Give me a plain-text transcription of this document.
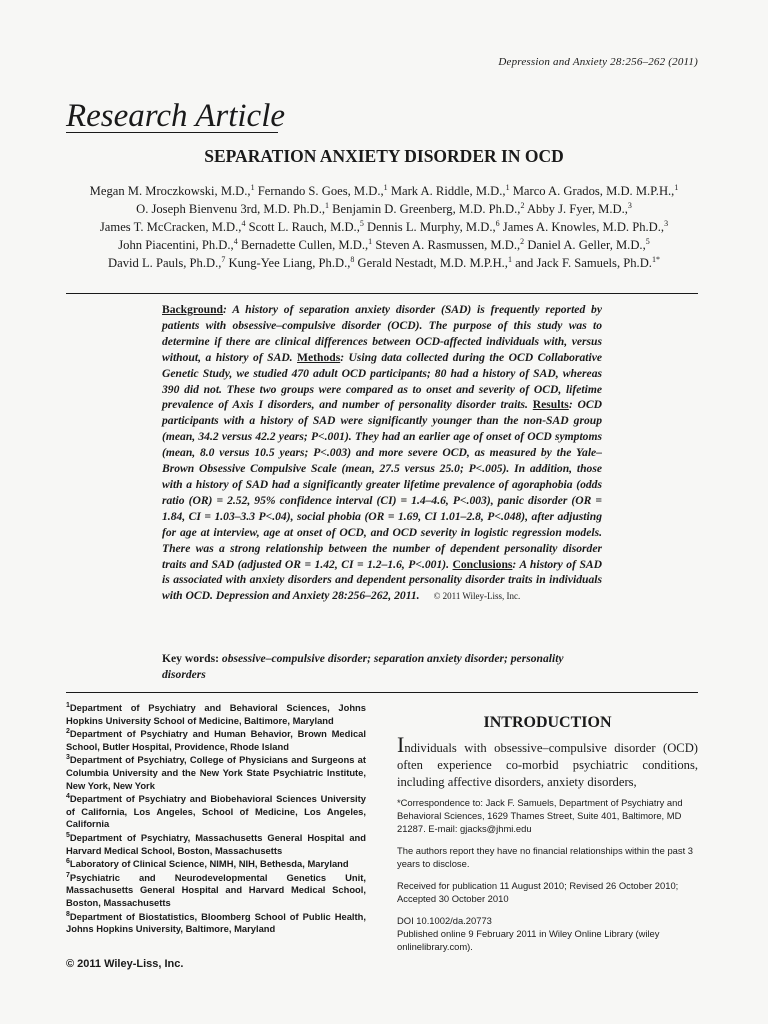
Depression and Anxiety 28:256–262 (2011)
Research Article
SEPARATION ANXIETY DISORDER IN OCD
Megan M. Mroczkowski, M.D.,$^1$ Fernando S. Goes, M.D.,$^1$ Mark A. Riddle, M.D.,$^1$ Marco A. Grados, M.D. M.P.H.,$^1$
O. Joseph Bienvenu 3rd, M.D. Ph.D.,$^1$ Benjamin D. Greenberg, M.D. Ph.D.,$^2$ Abby J. Fyer, M.D.,$^3$
James T. McCracken, M.D.,$^4$ Scott L. Rauch, M.D.,$^5$ Dennis L. Murphy, M.D.,$^6$ James A. Knowles, M.D. Ph.D.,$^3$
John Piacentini, Ph.D.,$^4$ Bernadette Cullen, M.D.,$^1$ Steven A. Rasmussen, M.D.,$^2$ Daniel A. Geller, M.D.,$^5$
David L. Pauls, Ph.D.,$^7$ Kung-Yee Liang, Ph.D.,$^8$ Gerald Nestadt, M.D. M.P.H.,$^1$ and Jack F. Samuels, Ph.D.$^{1*}$
Background: A history of separation anxiety disorder (SAD) is frequently reported by patients with obsessive–compulsive disorder (OCD). The purpose of this study was to determine if there are clinical differences between OCD-affected individuals with, versus without, a history of SAD. Methods: Using data collected during the OCD Collaborative Genetic Study, we studied 470 adult OCD participants; 80 had a history of SAD, whereas 390 did not. These two groups were compared as to onset and severity of OCD, lifetime prevalence of Axis I disorders, and number of personality disorder traits. Results: OCD participants with a history of SAD were significantly younger than the non-SAD group (mean, 34.2 versus 42.2 years; P<.001). They had an earlier age of onset of OCD symptoms (mean, 8.0 versus 10.5 years; P<.003) and more severe OCD, as measured by the Yale–Brown Obsessive Compulsive Scale (mean, 27.5 versus 25.0; P<.005). In addition, those with a history of SAD had a significantly greater lifetime prevalence of agoraphobia (odds ratio (OR) = 2.52, 95% confidence interval (CI) = 1.4–4.6, P<.003), panic disorder (OR = 1.84, CI = 1.03–3.3 P<.04), social phobia (OR = 1.69, CI 1.01–2.8, P<.048), after adjusting for age at interview, age at onset of OCD, and OCD severity in logistic regression models. There was a strong relationship between the number of dependent personality disorder traits and SAD (adjusted OR = 1.42, CI = 1.2–1.6, P<.001). Conclusions: A history of SAD is associated with anxiety disorders and dependent personality disorder traits in individuals with OCD. Depression and Anxiety 28:256–262, 2011. © 2011 Wiley-Liss, Inc.
Key words: obsessive–compulsive disorder; separation anxiety disorder; personality disorders

$^1$Department of Psychiatry and Behavioral Sciences, Johns Hopkins University School of Medicine, Baltimore, Maryland

$^2$Department of Psychiatry and Human Behavior, Brown Medical School, Butler Hospital, Providence, Rhode Island

$^3$Department of Psychiatry, College of Physicians and Surgeons at Columbia University and the New York State Psychiatric Institute, New York, New York

$^4$Department of Psychiatry and Biobehavioral Sciences University of California, Los Angeles, School of Medicine, Los Angeles, California

$^5$Department of Psychiatry, Massachusetts General Hospital and Harvard Medical School, Boston, Massachusetts

$^6$Laboratory of Clinical Science, NIMH, NIH, Bethesda, Maryland

$^7$Psychiatric and Neurodevelopmental Genetics Unit, Massachusetts General Hospital and Harvard Medical School, Boston, Massachusetts

$^8$Department of Biostatistics, Bloomberg School of Public Health, Johns Hopkins University, Baltimore, Maryland

© 2011 Wiley-Liss, Inc.
INTRODUCTION
Individuals with obsessive–compulsive disorder (OCD) often experience co-morbid psychiatric conditions, including affective disorders, anxiety disorders,

*Correspondence to: Jack F. Samuels, Department of Psychiatry and Behavioral Sciences, 1629 Thames Street, Suite 401, Baltimore, MD 21287. E-mail: gjacks@jhmi.edu

The authors report they have no financial relationships within the past 3 years to disclose.

Received for publication 11 August 2010; Revised 26 October 2010; Accepted 30 October 2010

DOI 10.1002/da.20773

Published online 9 February 2011 in Wiley Online Library (wiley onlinelibrary.com).
